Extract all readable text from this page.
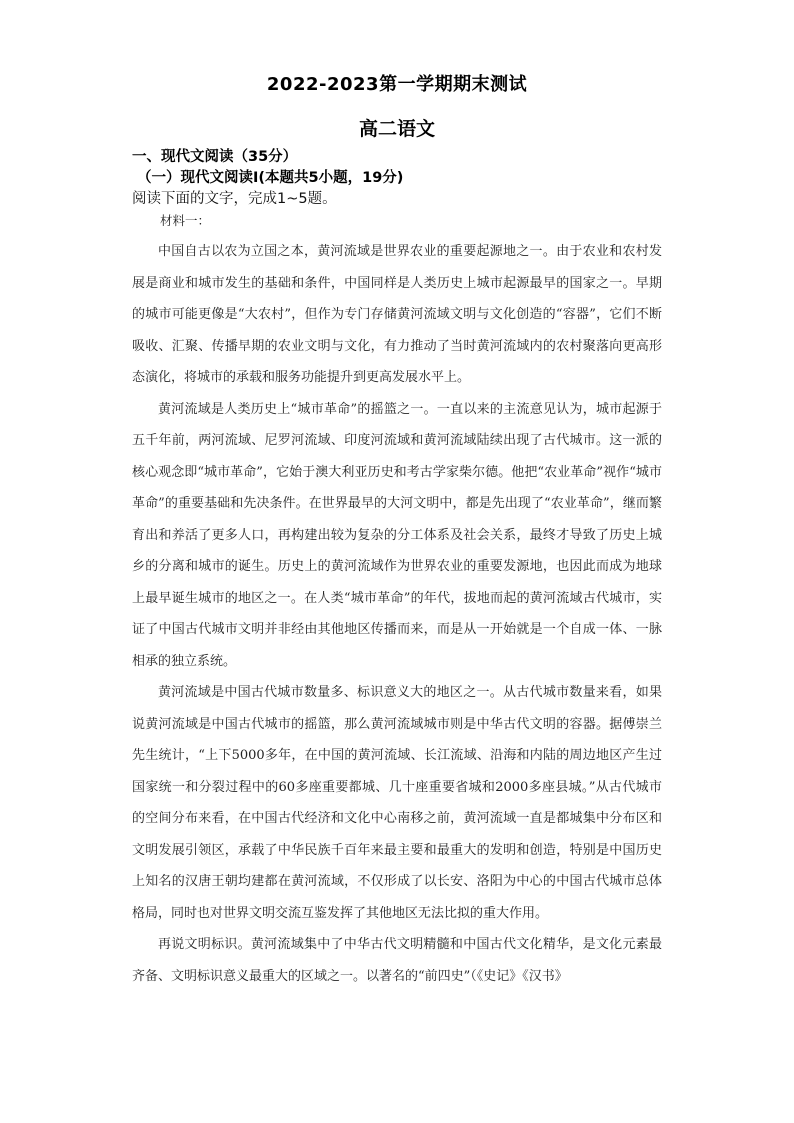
2022-2023第一学期期末测试
高二语文
一、现代文阅读（35分）
（一）现代文阅读Ⅰ(本题共5小题，19分)
阅读下面的文字，完成1~5题。
材料一：

中国自古以农为立国之本，黄河流域是世界农业的重要起源地之一。由于农业和农村发展是商业和城市发生的基础和条件，中国同样是人类历史上城市起源最早的国家之一。早期的城市可能更像是“大农村”，但作为专门存储黄河流域文明与文化创造的“容器”，它们不断吸收、汇聚、传播早期的农业文明与文化，有力推动了当时黄河流域内的农村聚落向更高形态演化，将城市的承载和服务功能提升到更高发展水平上。

黄河流域是人类历史上“城市革命”的摇篮之一。一直以来的主流意见认为，城市起源于五千年前，两河流域、尼罗河流域、印度河流域和黄河流域陆续出现了古代城市。这一派的核心观念即“城市革命”，它始于澳大利亚历史和考古学家柴尔德。他把“农业革命”视作“城市革命”的重要基础和先决条件。在世界最早的大河文明中，都是先出现了“农业革命”，继而繁育出和养活了更多人口，再构建出较为复杂的分工体系及社会关系，最终才导致了历史上城乡的分离和城市的诞生。历史上的黄河流域作为世界农业的重要发源地，也因此而成为地球上最早诞生城市的地区之一。在人类“城市革命”的年代，拔地而起的黄河流域古代城市，实证了中国古代城市文明并非经由其他地区传播而来，而是从一开始就是一个自成一体、一脉相承的独立系统。

黄河流域是中国古代城市数量多、标识意义大的地区之一。从古代城市数量来看，如果说黄河流域是中国古代城市的摇篮，那么黄河流域城市则是中华古代文明的容器。据傅崇兰先生统计，“上下5000多年，在中国的黄河流域、长江流域、沿海和内陆的周边地区产生过国家统一和分裂过程中的60多座重要都城、几十座重要省城和2000多座县城。”从古代城市的空间分布来看，在中国古代经济和文化中心南移之前，黄河流域一直是都城集中分布区和文明发展引领区，承载了中华民族千百年来最主要和最重大的发明和创造，特别是中国历史上知名的汉唐王朝均建都在黄河流域，不仅形成了以长安、洛阳为中心的中国古代城市总体格局，同时也对世界文明交流互鉴发挥了其他地区无法比拟的重大作用。

再说文明标识。黄河流域集中了中华古代文明精髓和中国古代文化精华，是文化元素最齐备、文明标识意义最重大的区域之一。以著名的“前四史”（《史记》《汉书》
